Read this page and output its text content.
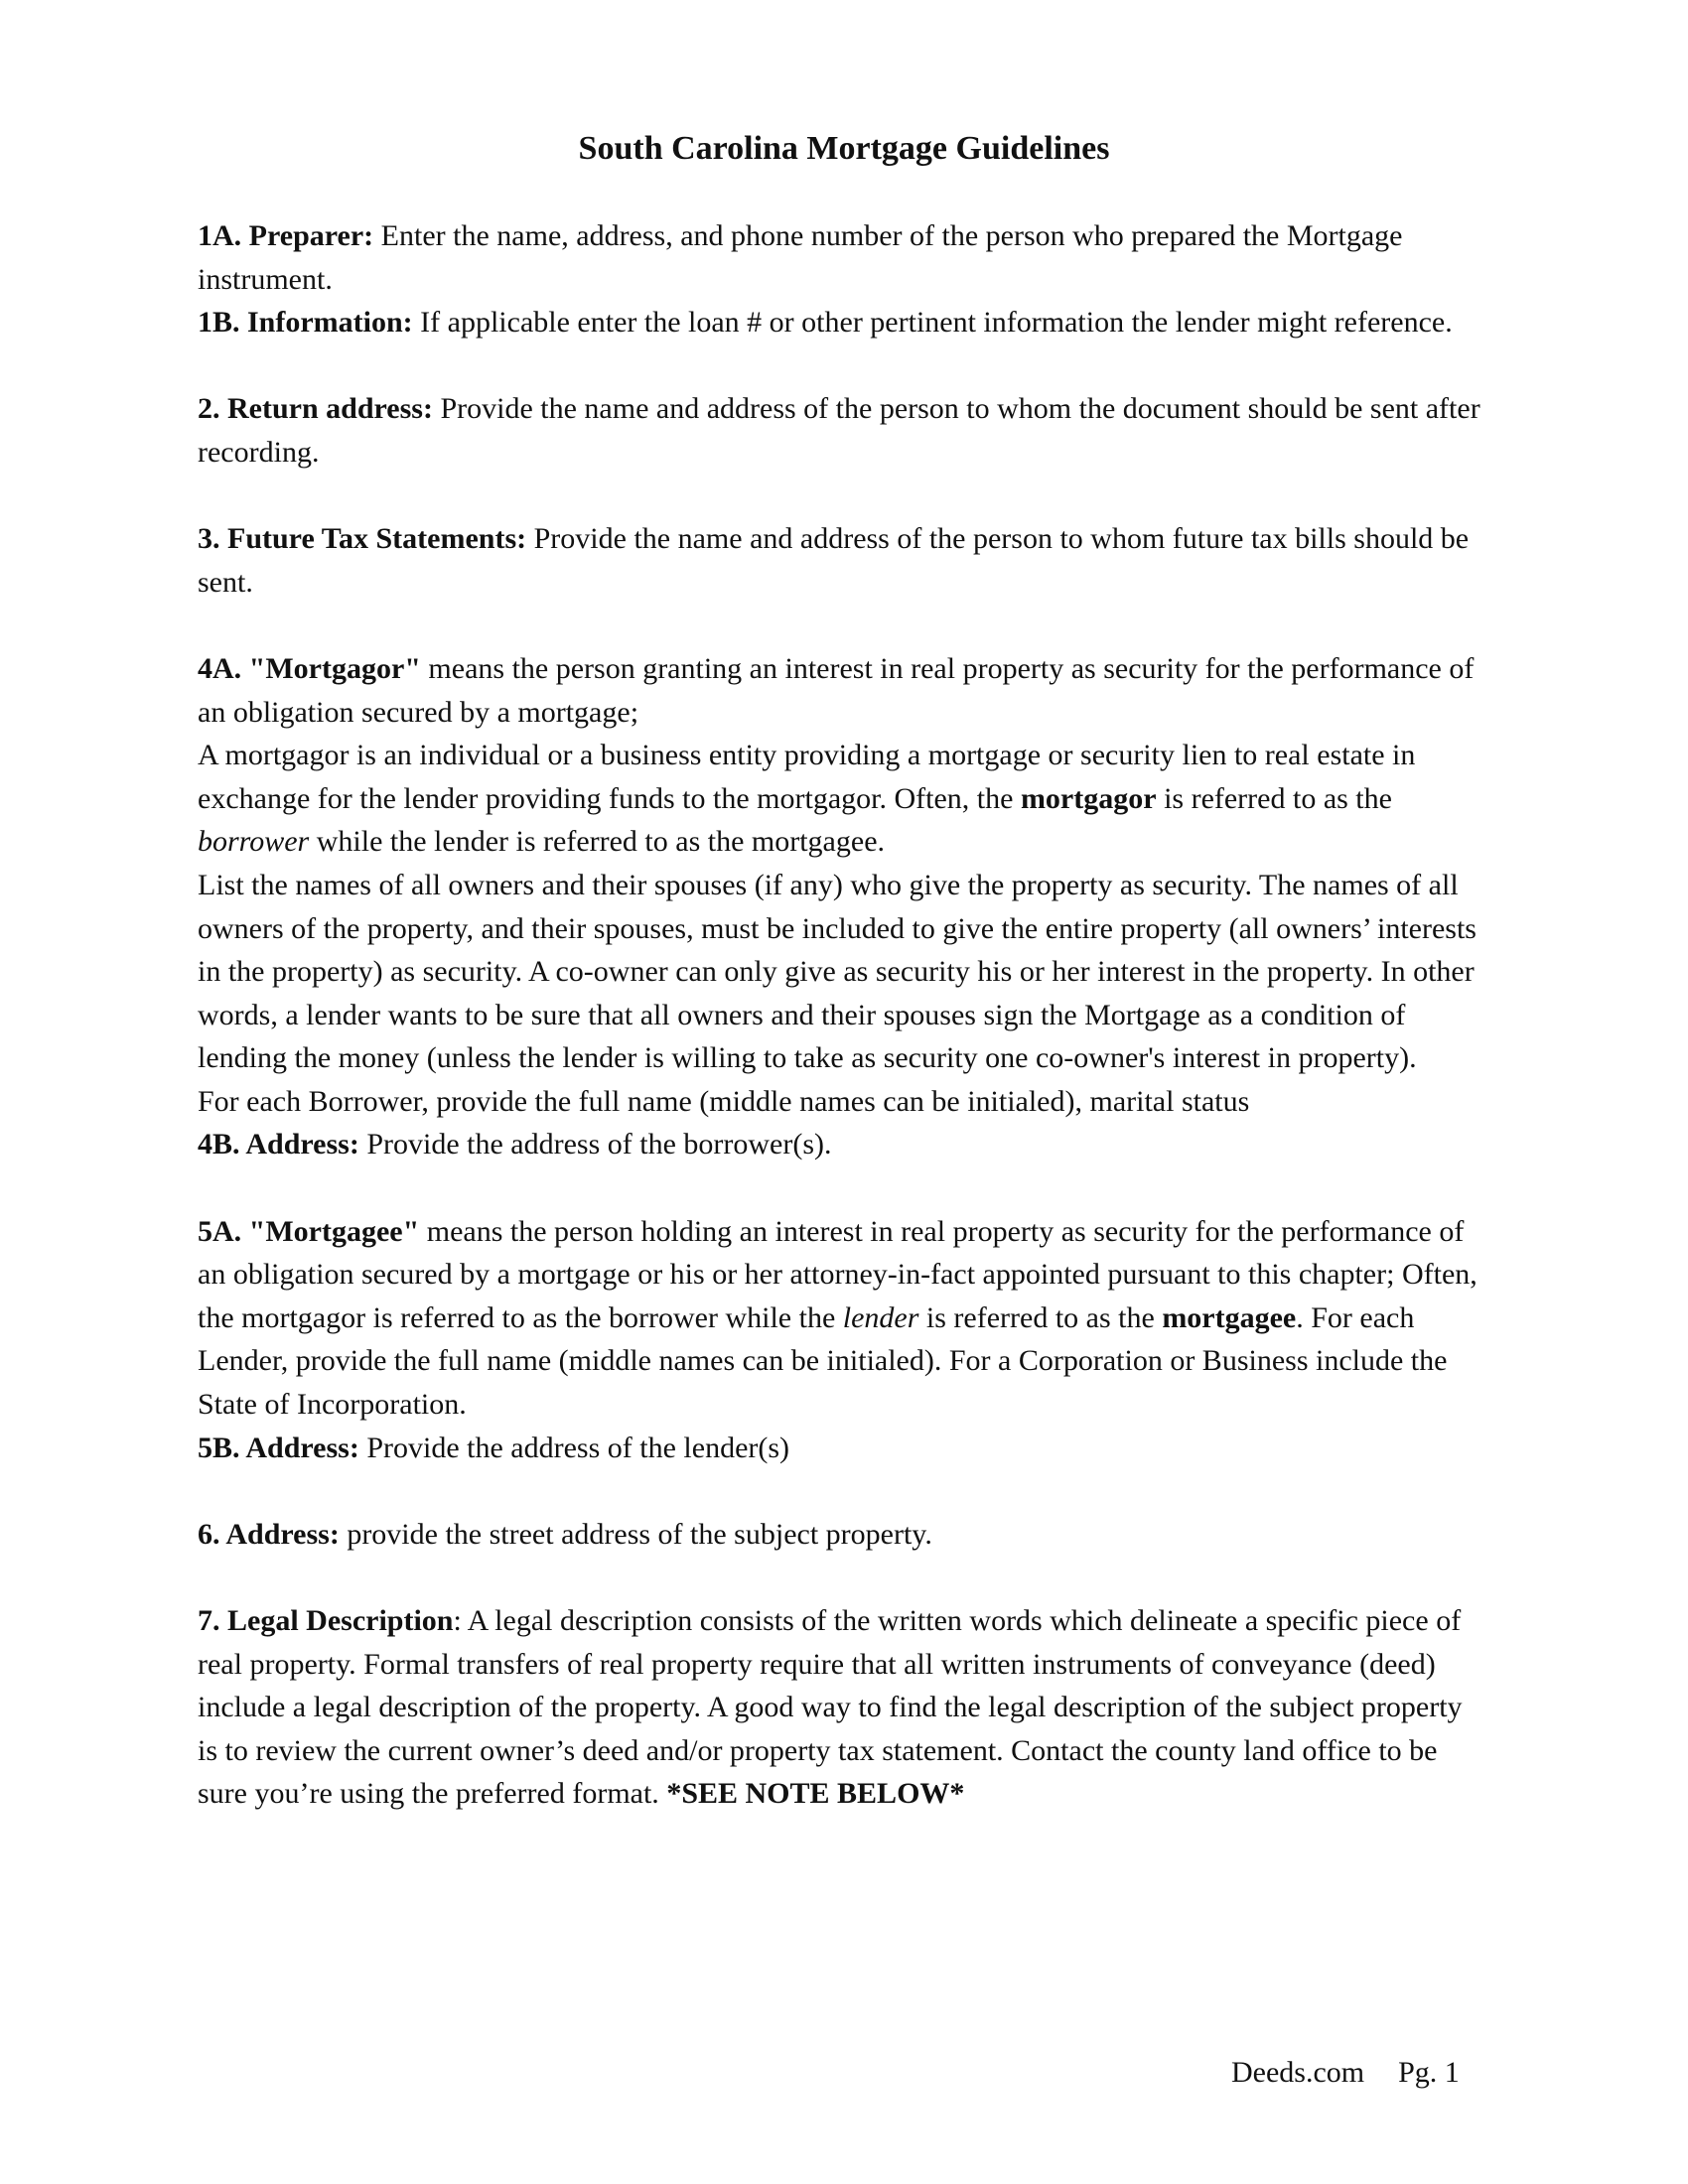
South Carolina Mortgage Guidelines
1A. Preparer: Enter the name, address, and phone number of the person who prepared the Mortgage instrument.
1B. Information: If applicable enter the loan # or other pertinent information the lender might reference.
2. Return address: Provide the name and address of the person to whom the document should be sent after recording.
3. Future Tax Statements: Provide the name and address of the person to whom future tax bills should be sent.
4A. "Mortgagor" means the person granting an interest in real property as security for the performance of an obligation secured by a mortgage;
A mortgagor is an individual or a business entity providing a mortgage or security lien to real estate in exchange for the lender providing funds to the mortgagor. Often, the mortgagor is referred to as the borrower while the lender is referred to as the mortgagee.
List the names of all owners and their spouses (if any) who give the property as security. The names of all owners of the property, and their spouses, must be included to give the entire property (all owners’ interests in the property) as security. A co-owner can only give as security his or her interest in the property. In other words, a lender wants to be sure that all owners and their spouses sign the Mortgage as a condition of lending the money (unless the lender is willing to take as security one co-owner's interest in property).
For each Borrower, provide the full name (middle names can be initialed), marital status
4B. Address: Provide the address of the borrower(s).
5A. "Mortgagee" means the person holding an interest in real property as security for the performance of an obligation secured by a mortgage or his or her attorney-in-fact appointed pursuant to this chapter; Often, the mortgagor is referred to as the borrower while the lender is referred to as the mortgagee. For each Lender, provide the full name (middle names can be initialed). For a Corporation or Business include the State of Incorporation.
5B. Address: Provide the address of the lender(s)
6. Address: provide the street address of the subject property.
7. Legal Description: A legal description consists of the written words which delineate a specific piece of real property. Formal transfers of real property require that all written instruments of conveyance (deed) include a legal description of the property. A good way to find the legal description of the subject property is to review the current owner’s deed and/or property tax statement. Contact the county land office to be sure you’re using the preferred format. *SEE NOTE BELOW*
Deeds.com Pg. 1
